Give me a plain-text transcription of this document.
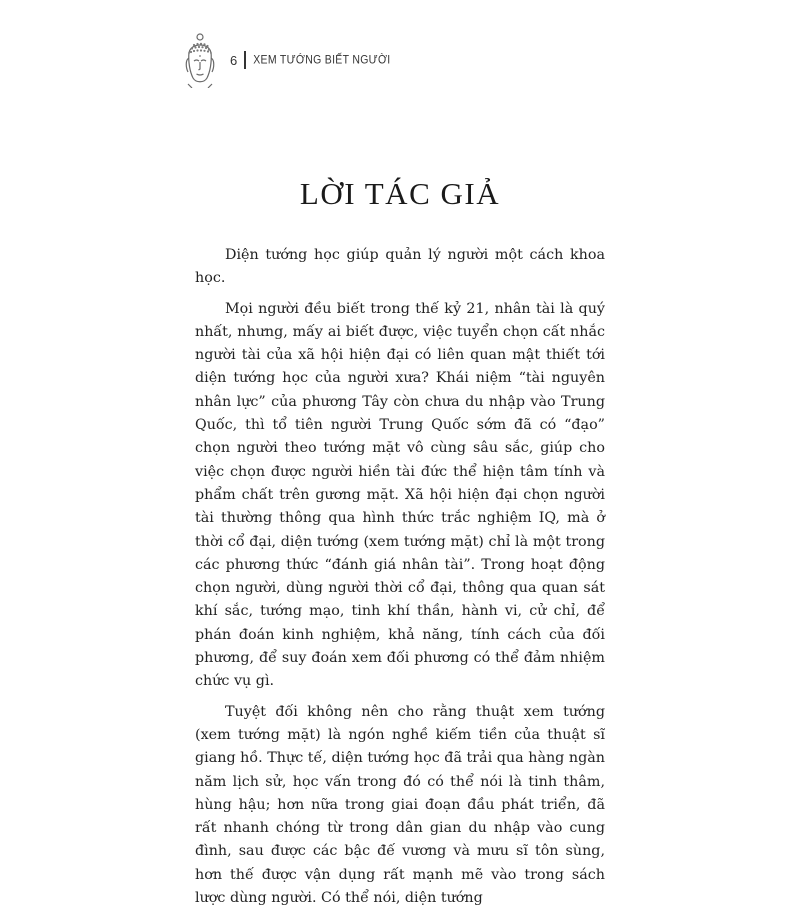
6 XEM TƯỚNG BIẾT NGƯỜI
LỜI TÁC GIẢ

Diện tướng học giúp quản lý người một cách khoa học.

Mọi người đều biết trong thế kỷ 21, nhân tài là quý nhất, nhưng, mấy ai biết được, việc tuyển chọn cất nhắc người tài của xã hội hiện đại có liên quan mật thiết tới diện tướng học của người xưa? Khái niệm “tài nguyên nhân lực” của phương Tây còn chưa du nhập vào Trung Quốc, thì tổ tiên người Trung Quốc sớm đã có “đạo” chọn người theo tướng mặt vô cùng sâu sắc, giúp cho việc chọn được người hiền tài đức thể hiện tâm tính và phẩm chất trên gương mặt. Xã hội hiện đại chọn người tài thường thông qua hình thức trắc nghiệm IQ, mà ở thời cổ đại, diện tướng (xem tướng mặt) chỉ là một trong các phương thức “đánh giá nhân tài”. Trong hoạt động chọn người, dùng người thời cổ đại, thông qua quan sát khí sắc, tướng mạo, tinh khí thần, hành vi, cử chỉ, để phán đoán kinh nghiệm, khả năng, tính cách của đối phương, để suy đoán xem đối phương có thể đảm nhiệm chức vụ gì.

Tuyệt đối không nên cho rằng thuật xem tướng (xem tướng mặt) là ngón nghề kiếm tiền của thuật sĩ giang hồ. Thực tế, diện tướng học đã trải qua hàng ngàn năm lịch sử, học vấn trong đó có thể nói là tinh thâm, hùng hậu; hơn nữa trong giai đoạn đầu phát triển, đã rất nhanh chóng từ trong dân gian du nhập vào cung đình, sau được các bậc đế vương và mưu sĩ tôn sùng, hơn thế được vận dụng rất mạnh mẽ vào trong sách lược dùng người. Có thể nói, diện tướng
